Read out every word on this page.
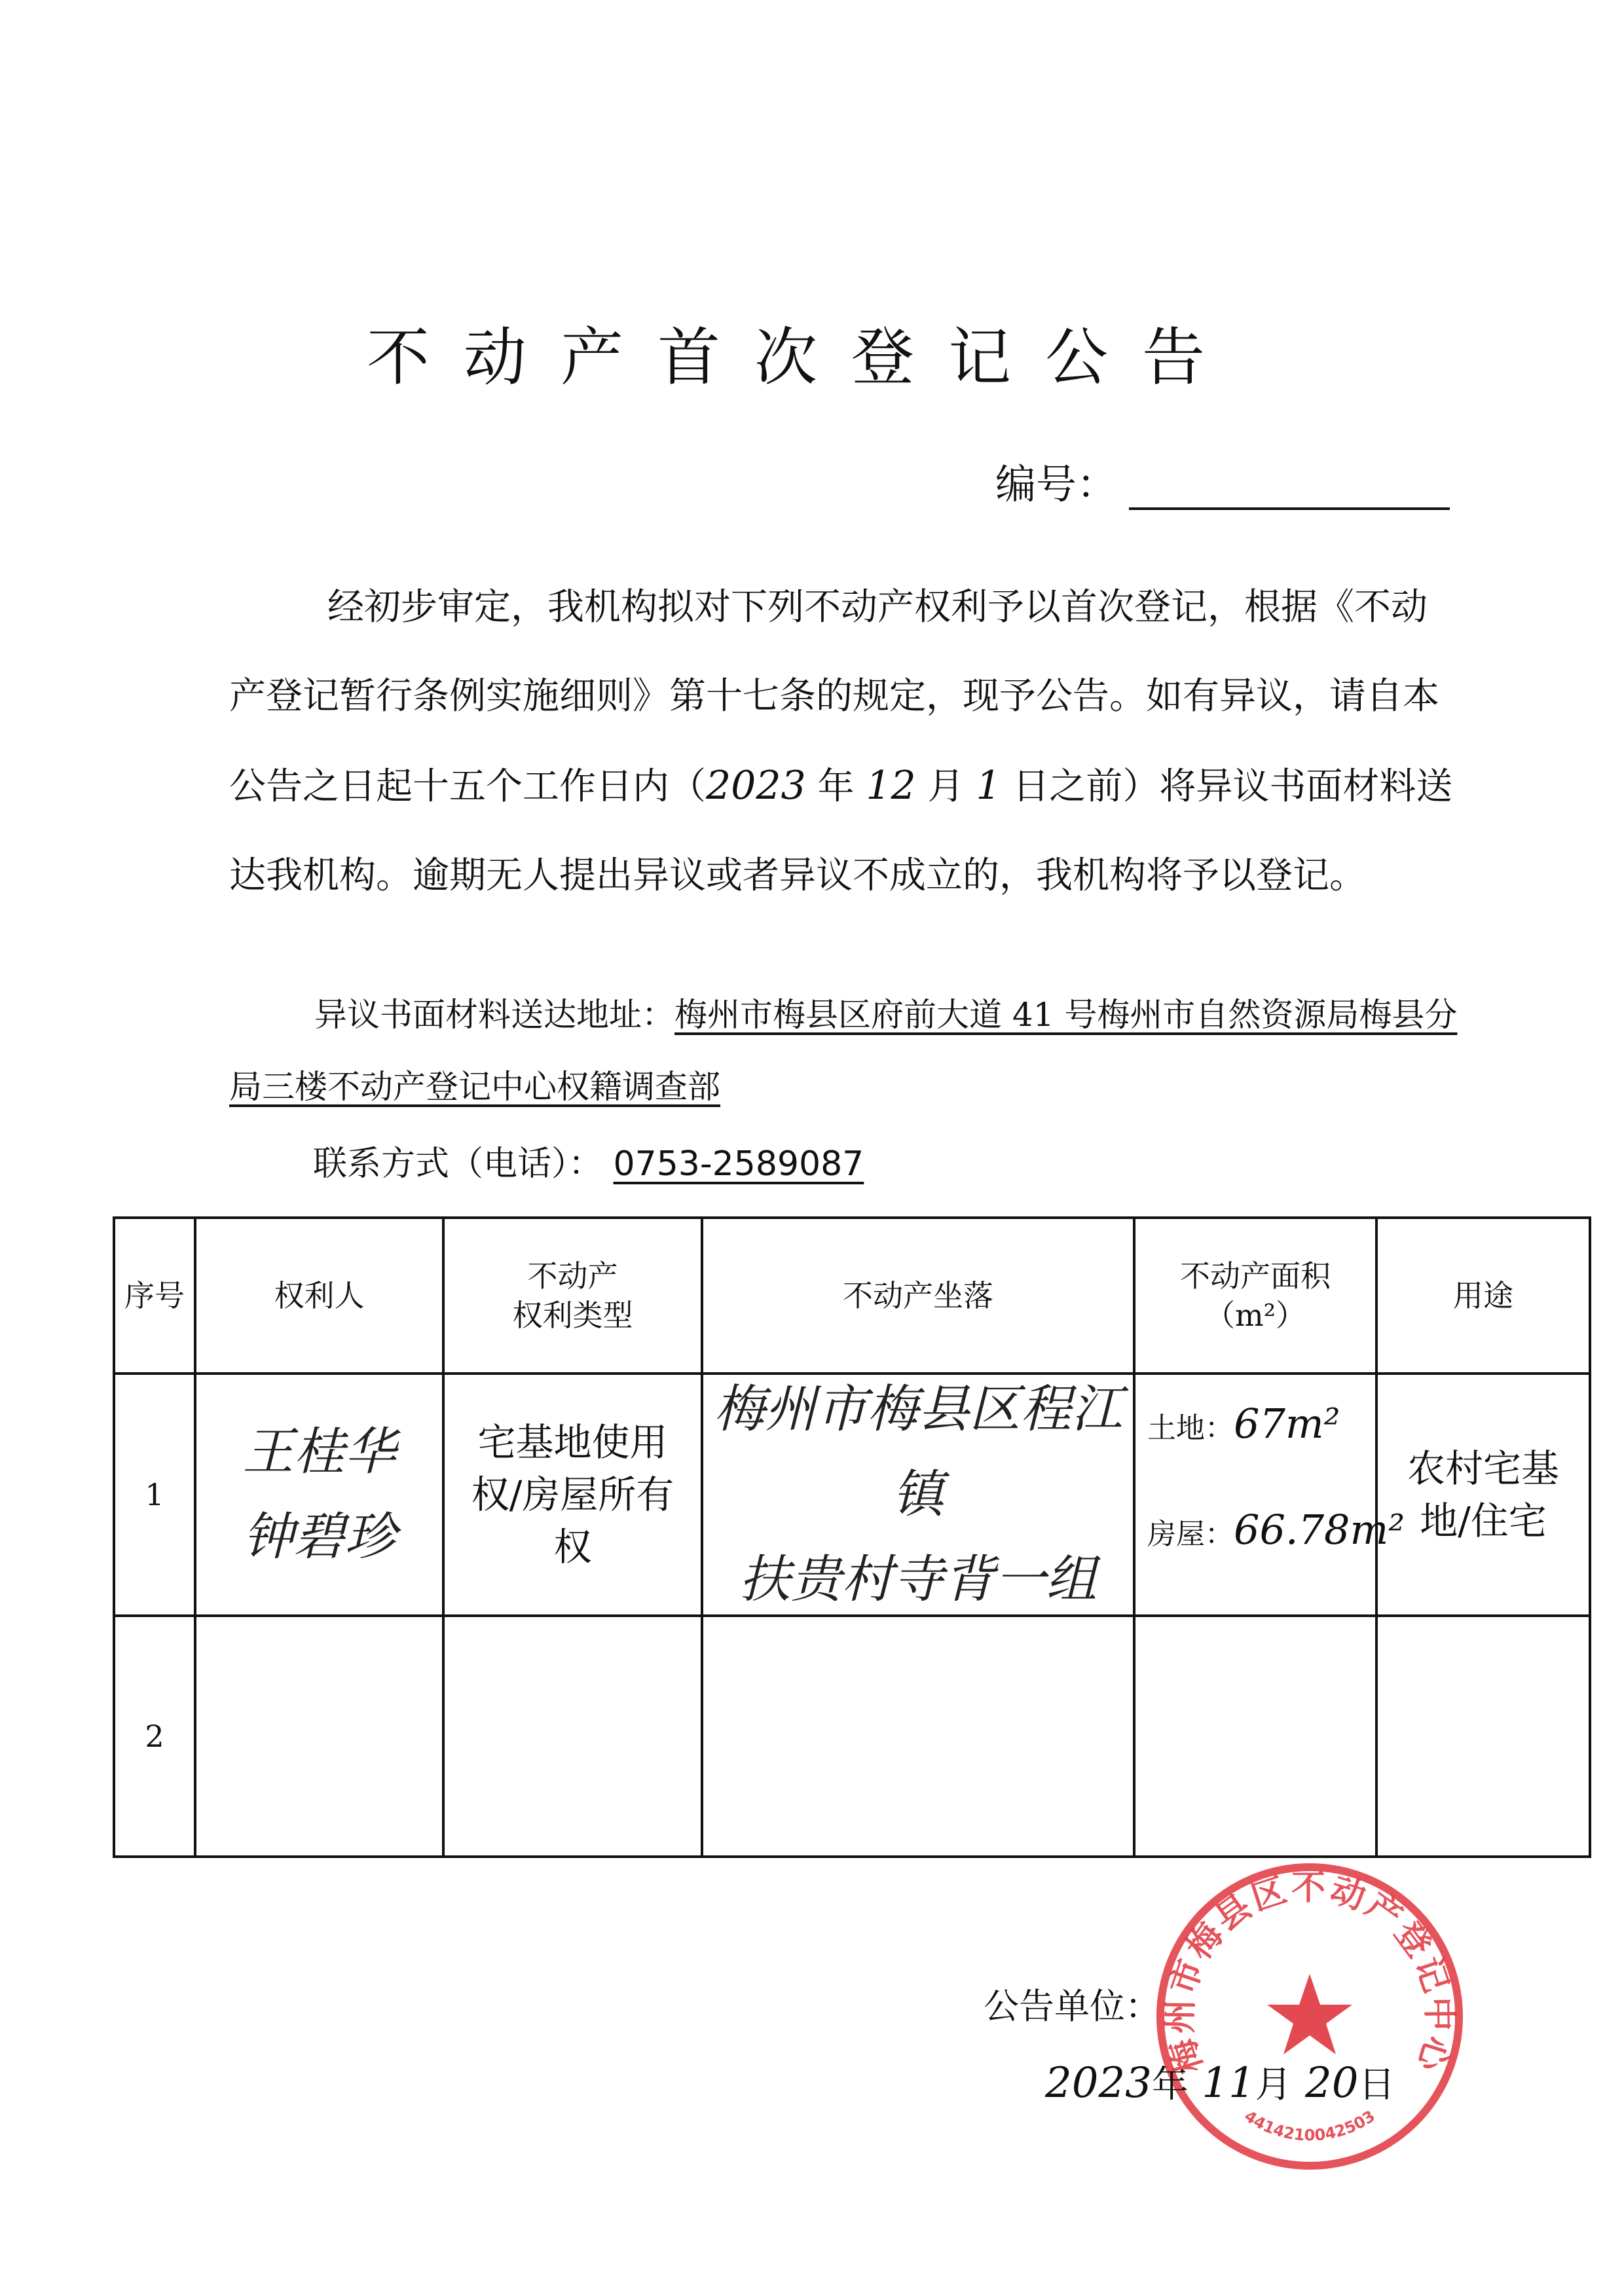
不动产首次登记公告
编号：

经初步审定，我机构拟对下列不动产权利予以首次登记，根据《不动产登记暂行条例实施细则》第十七条的规定，现予公告。如有异议，请自本公告之日起十五个工作日内（2023 年 12 月 1 日之前）将异议书面材料送达我机构。逾期无人提出异议或者异议不成立的，我机构将予以登记。

异议书面材料送达地址：梅州市梅县区府前大道 41 号梅州市自然资源局梅县分局三楼不动产登记中心权籍调查部
联系方式（电话）： 0753-2589087
序号	权利人
不动产
权利类型
不动产坐落
不动产面积
（m²）
用途
1
王桂华
钟碧珍
宅基地使用权/房屋所有权
梅州市梅县区程江镇
扶贵村寺背一组
土地：67m²
房屋：66.78m²
农村宅基地/住宅
2
梅州市梅县区不动产登记中心
4414210042503
公告单位：
2023年 11月 20日
